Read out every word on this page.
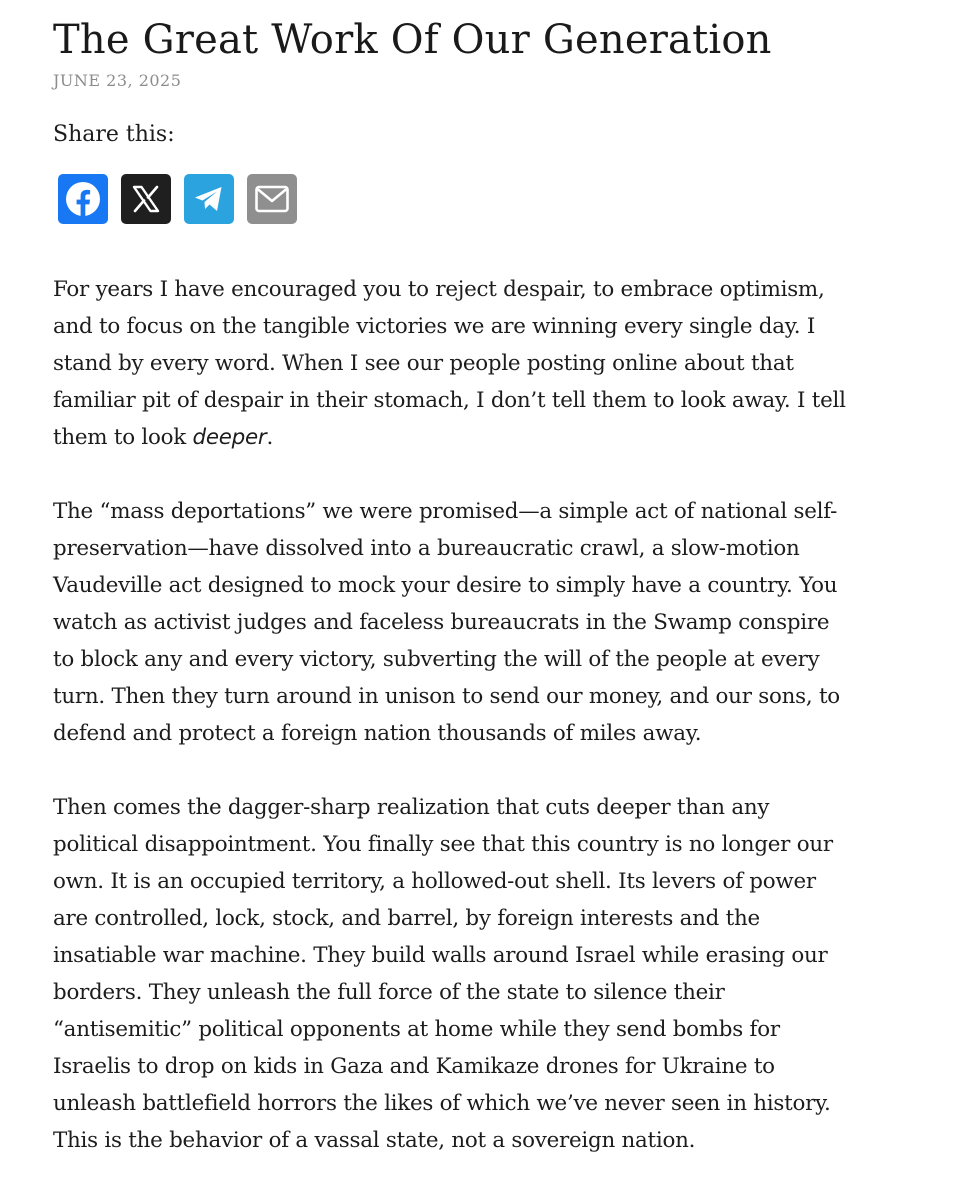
The Great Work Of Our Generation
JUNE 23, 2025
Share this:

For years I have encouraged you to reject despair, to embrace optimism,
and to focus on the tangible victories we are winning every single day. I
stand by every word. When I see our people posting online about that
familiar pit of despair in their stomach, I don’t tell them to look away. I tell
them to look deeper.

The “mass deportations” we were promised—a simple act of national self-
preservation—have dissolved into a bureaucratic crawl, a slow-motion
Vaudeville act designed to mock your desire to simply have a country. You
watch as activist judges and faceless bureaucrats in the Swamp conspire
to block any and every victory, subverting the will of the people at every
turn. Then they turn around in unison to send our money, and our sons, to
defend and protect a foreign nation thousands of miles away.

Then comes the dagger-sharp realization that cuts deeper than any
political disappointment. You finally see that this country is no longer our
own. It is an occupied territory, a hollowed-out shell. Its levers of power
are controlled, lock, stock, and barrel, by foreign interests and the
insatiable war machine. They build walls around Israel while erasing our
borders. They unleash the full force of the state to silence their
“antisemitic” political opponents at home while they send bombs for
Israelis to drop on kids in Gaza and Kamikaze drones for Ukraine to
unleash battlefield horrors the likes of which we’ve never seen in history.
This is the behavior of a vassal state, not a sovereign nation.
